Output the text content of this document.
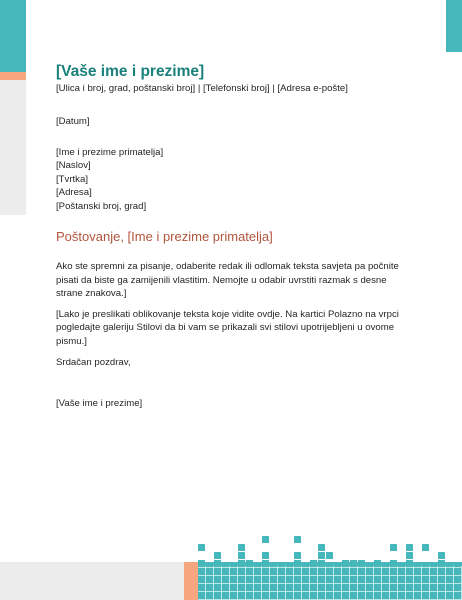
[Vaše ime i prezime]

[Ulica i broj, grad, poštanski broj] | [Telefonski broj] | [Adresa e-pošte]

[Datum]
[Ime i prezime primatelja]
[Naslov]
[Tvrtka]
[Adresa]
[Poštanski broj, grad]
Poštovanje, [Ime i prezime primatelja]

Ako ste spremni za pisanje, odaberite redak ili odlomak teksta savjeta pa počnite pisati da biste ga zamijenili vlastitim. Nemojte u odabir uvrstiti razmak s desne strane znakova.]

[Lako je preslikati oblikovanje teksta koje vidite ovdje. Na kartici Polazno na vrpci pogledajte galeriju Stilovi da bi vam se prikazali svi stilovi upotrijebljeni u ovome pismu.]

Srdačan pozdrav,

[Vaše ime i prezime]
